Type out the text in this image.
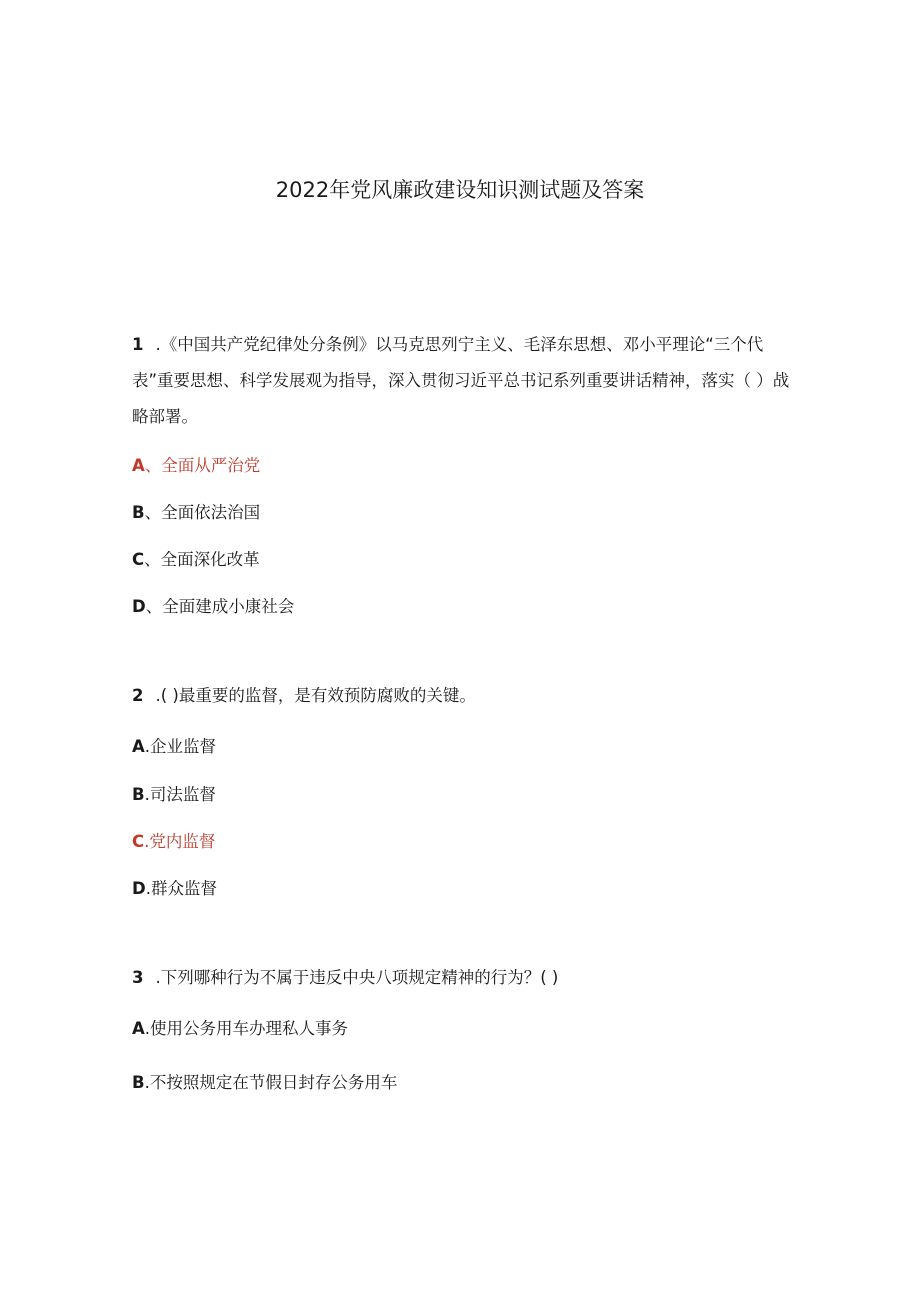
2022年党风廉政建设知识测试题及答案

1 .《中国共产党纪律处分条例》以马克思列宁主义、毛泽东思想、邓小平理论“三个代表”重要思想、科学发展观为指导，深入贯彻习近平总书记系列重要讲话精神，落实（ ）战略部署。

A、全面从严治党

B、全面依法治国

C、全面深化改革

D、全面建成小康社会

2 .( )最重要的监督，是有效预防腐败的关键。

A.企业监督

B.司法监督

C.党内监督

D.群众监督

3 .下列哪种行为不属于违反中央八项规定精神的行为？( )

A.使用公务用车办理私人事务

B.不按照规定在节假日封存公务用车
